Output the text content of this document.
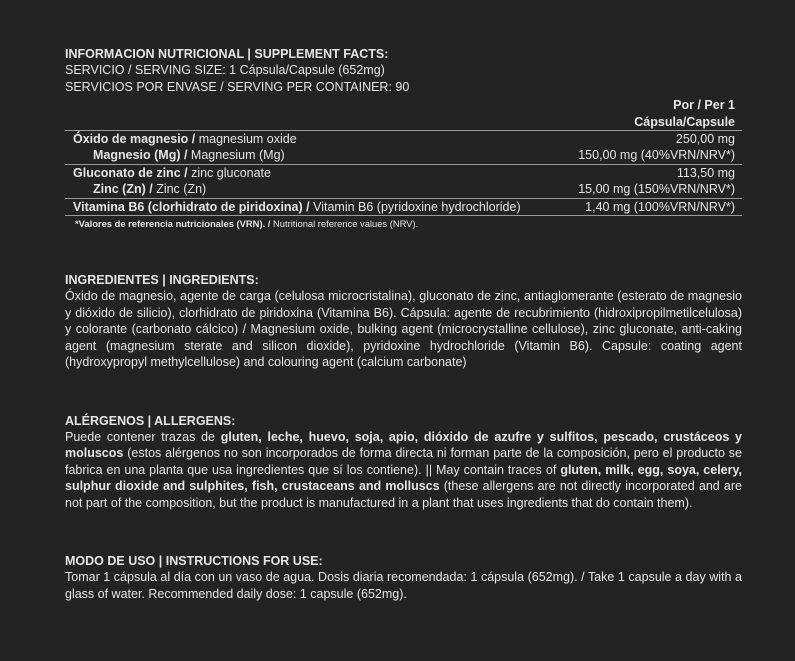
INFORMACION NUTRICIONAL | SUPPLEMENT FACTS:
SERVICIO / SERVING SIZE: 1 Cápsula/Capsule (652mg)
SERVICIOS POR ENVASE / SERVING PER CONTAINER: 90

	Por / Per 1
Cápsula/Capsule

Óxido de magnesio / magnesium oxide	250,00 mg
Magnesio (Mg) / Magnesium (Mg)	150,00 mg (40%VRN/NRV*)
Gluconato de zinc / zinc gluconate	113,50 mg
Zinc (Zn) / Zinc (Zn)	15,00 mg (150%VRN/NRV*)
Vitamina B6 (clorhidrato de piridoxina) / Vitamin B6 (pyridoxine hydrochloride)	1,40 mg (100%VRN/NRV*)
*Valores de referencia nutricionales (VRN). / Nutritional reference values (NRV).
INGREDIENTES | INGREDIENTS:
Óxido de magnesio, agente de carga (celulosa microcristalina), gluconato de zinc, antiaglomerante (esterato de magnesio y dióxido de silicio), clorhidrato de piridoxina (Vitamina B6). Cápsula: agente de recubrimiento (hidroxipropilmetilcelulosa) y colorante (carbonato cálcico) / Magnesium oxide, bulking agent (microcrystalline cellulose), zinc gluconate, anti-caking agent (magnesium sterate and silicon dioxide), pyridoxine hydrochloride (Vitamin B6). Capsule: coating agent (hydroxypropyl methylcellulose) and colouring agent (calcium carbonate)
ALÉRGENOS | ALLERGENS:
Puede contener trazas de gluten, leche, huevo, soja, apio, dióxido de azufre y sulfitos, pescado, crustáceos y moluscos (estos alérgenos no son incorporados de forma directa ni forman parte de la composición, pero el producto se fabrica en una planta que usa ingredientes que sí los contiene). || May contain traces of gluten, milk, egg, soya, celery, sulphur dioxide and sulphites, fish, crustaceans and molluscs (these allergens are not directly incorporated and are not part of the composition, but the product is manufactured in a plant that uses ingredients that do contain them).
MODO DE USO | INSTRUCTIONS FOR USE:
Tomar 1 cápsula al día con un vaso de agua. Dosis diaria recomendada: 1 cápsula (652mg). / Take 1 capsule a day with a glass of water. Recommended daily dose: 1 capsule (652mg).
